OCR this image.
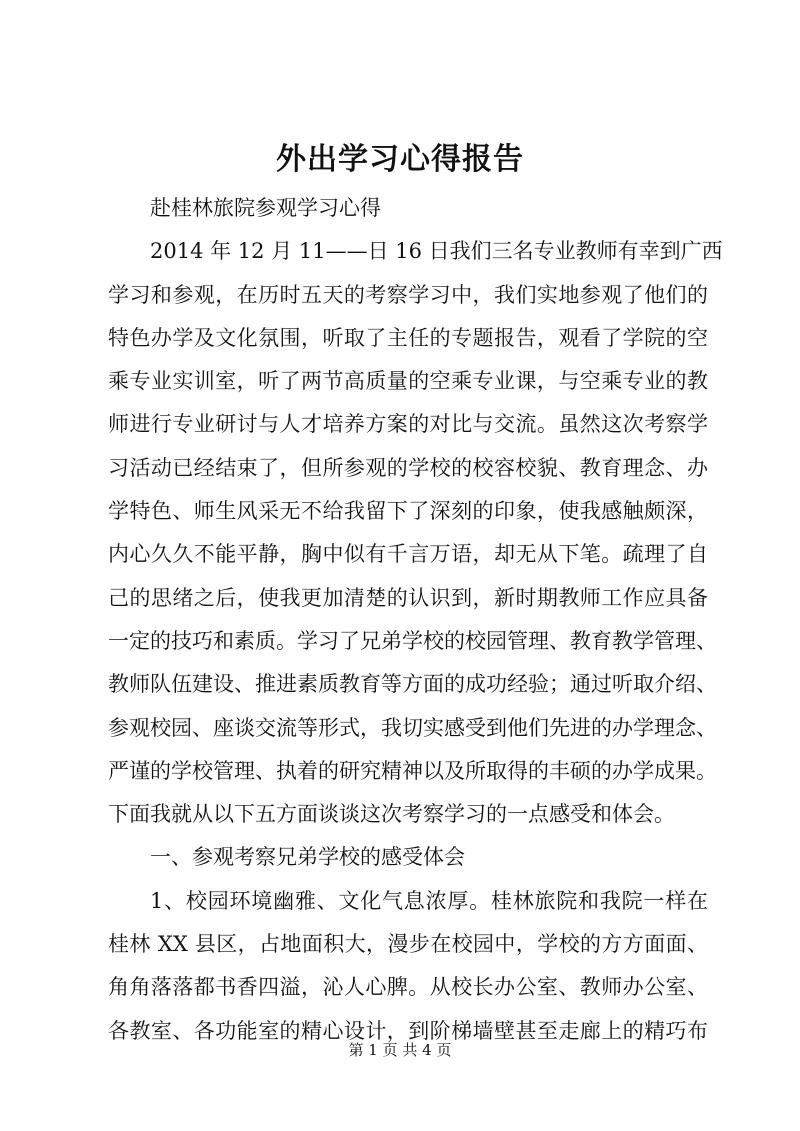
外出学习心得报告
赴桂林旅院参观学习心得
2014 年 12 月 11——日 16 日我们三名专业教师有幸到广西
学习和参观，在历时五天的考察学习中，我们实地参观了他们的
特色办学及文化氛围，听取了主任的专题报告，观看了学院的空
乘专业实训室，听了两节高质量的空乘专业课，与空乘专业的教
师进行专业研讨与人才培养方案的对比与交流。虽然这次考察学
习活动已经结束了，但所参观的学校的校容校貌、教育理念、办
学特色、师生风采无不给我留下了深刻的印象，使我感触颇深，
内心久久不能平静，胸中似有千言万语，却无从下笔。疏理了自
己的思绪之后，使我更加清楚的认识到，新时期教师工作应具备
一定的技巧和素质。学习了兄弟学校的校园管理、教育教学管理、
教师队伍建设、推进素质教育等方面的成功经验；通过听取介绍、
参观校园、座谈交流等形式，我切实感受到他们先进的办学理念、
严谨的学校管理、执着的研究精神以及所取得的丰硕的办学成果。
下面我就从以下五方面谈谈这次考察学习的一点感受和体会。
一、参观考察兄弟学校的感受体会
1、校园环境幽雅、文化气息浓厚。桂林旅院和我院一样在
桂林 XX 县区，占地面积大，漫步在校园中，学校的方方面面、
角角落落都书香四溢，沁人心脾。从校长办公室、教师办公室、
各教室、各功能室的精心设计，到阶梯墙壁甚至走廊上的精巧布
第 1 页 共 4 页
